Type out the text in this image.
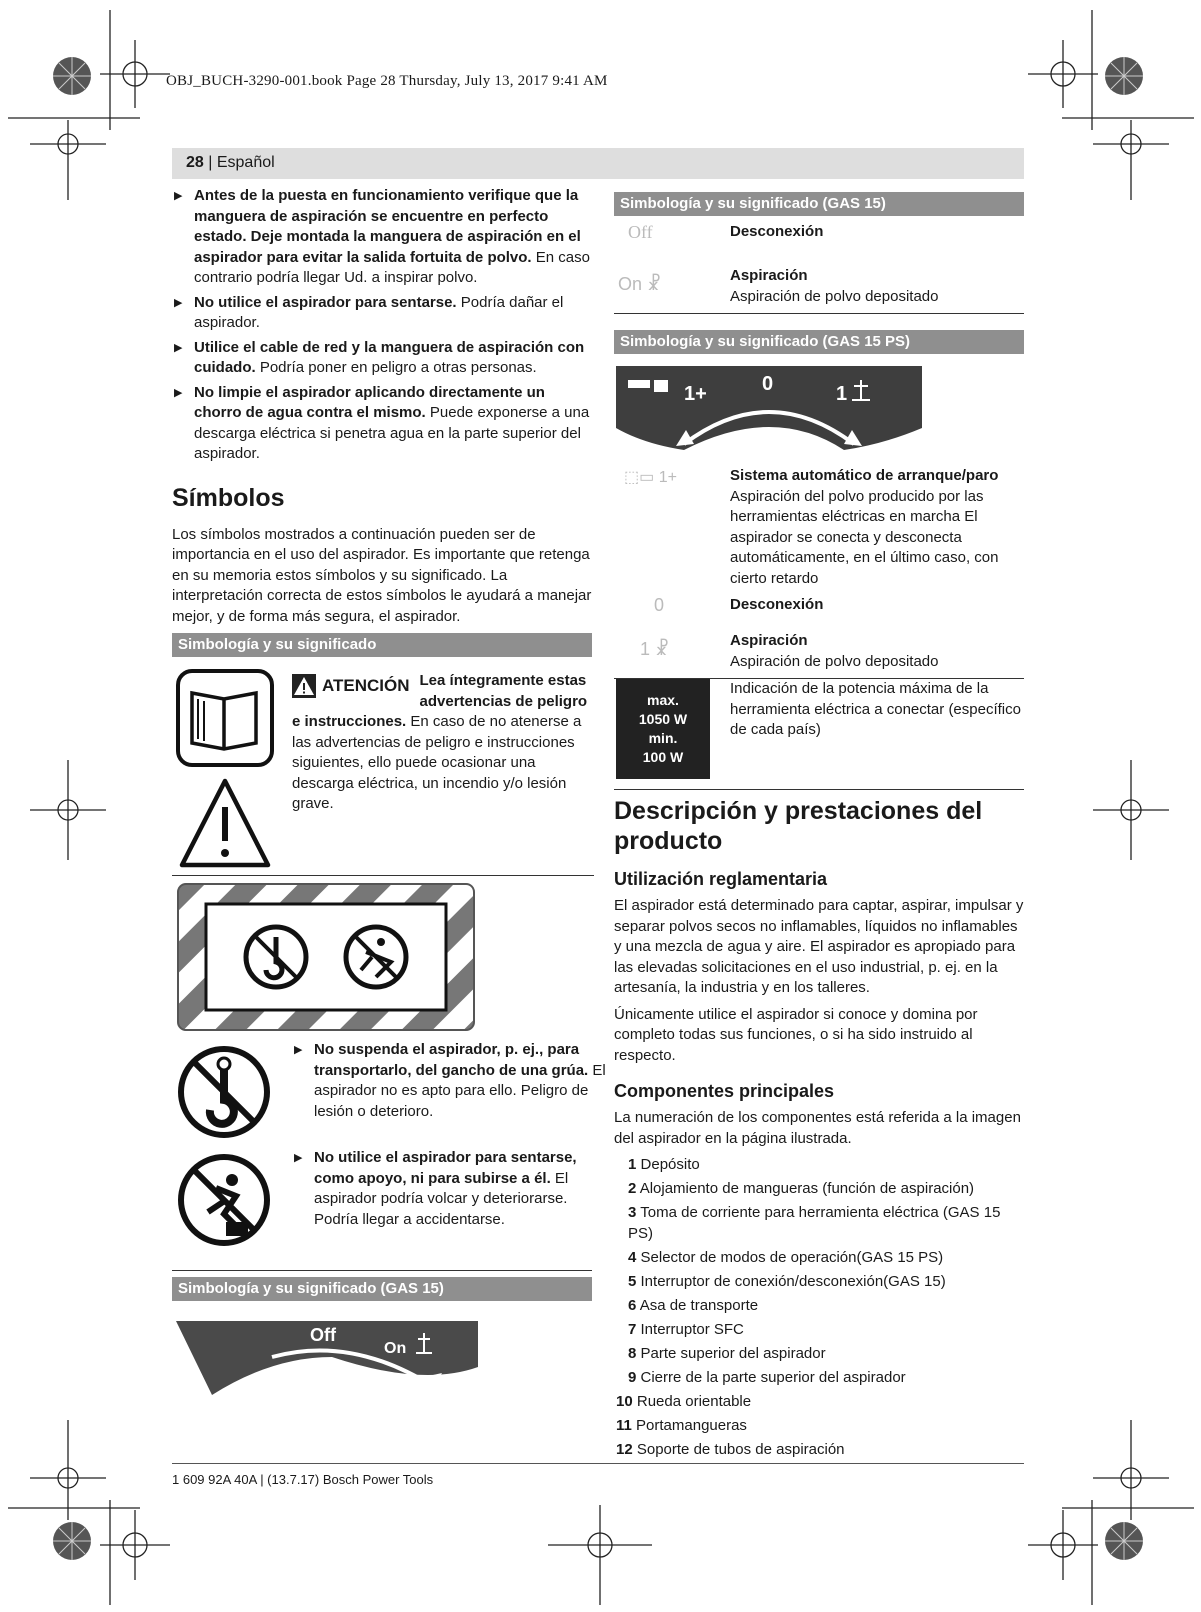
OBJ_BUCH-3290-001.book Page 28 Thursday, July 13, 2017 9:41 AM
28 | Español
▶ Antes de la puesta en funcionamiento verifique que la manguera de aspiración se encuentre en perfecto estado. Deje montada la manguera de aspiración en el aspirador para evitar la salida fortuita de polvo. En caso contrario podría llegar Ud. a inspirar polvo.
▶ No utilice el aspirador para sentarse. Podría dañar el aspirador.
▶ Utilice el cable de red y la manguera de aspiración con cuidado. Podría poner en peligro a otras personas.
▶ No limpie el aspirador aplicando directamente un chorro de agua contra el mismo. Puede exponerse a una descarga eléctrica si penetra agua en la parte superior del aspirador.
Símbolos

Los símbolos mostrados a continuación pueden ser de importancia en el uso del aspirador. Es importante que retenga en su memoria estos símbolos y su significado. La interpretación correcta de estos símbolos le ayudará a manejar mejor, y de forma más segura, el aspirador.

Simbología y su significado
ATENCIÓN Lea íntegramente estas advertencias de peligro e instrucciones. En caso de no atenerse a las advertencias de peligro e instrucciones siguientes, ello puede ocasionar una descarga eléctrica, un incendio y/o lesión grave.
▶ No suspenda el aspirador, p. ej., para transportarlo, del gancho de una grúa. El aspirador no es apto para ello. Peligro de lesión o deterioro.
▶ No utilice el aspirador para sentarse, como apoyo, ni para subirse a él. El aspirador podría volcar y deteriorarse. Podría llegar a accidentarse.
Simbología y su significado (GAS 15)
Off
On
Simbología y su significado (GAS 15)
Off	Desconexión
On ☧	Aspiración
Aspiración de polvo depositado
Simbología y su significado (GAS 15 PS)
1+	0	1
⬚▭ 1+	Sistema automático de arranque/paro
Aspiración del polvo producido por las herramientas eléctricas en marcha El aspirador se conecta y desconecta automáticamente, en el último caso, con cierto retardo
0	Desconexión
1 ☧	Aspiración
Aspiración de polvo depositado
max.
1050 W
min.
100 W
Indicación de la potencia máxima de la herramienta eléctrica a conectar (específico de cada país)
Descripción y prestaciones del producto
Utilización reglamentaria

El aspirador está determinado para captar, aspirar, impulsar y separar polvos secos no inflamables, líquidos no inflamables y una mezcla de agua y aire. El aspirador es apropiado para las elevadas solicitaciones en el uso industrial, p. ej. en la artesanía, la industria y en los talleres.

Únicamente utilice el aspirador si conoce y domina por completo todas sus funciones, o si ha sido instruido al respecto.

Componentes principales

La numeración de los componentes está referida a la imagen del aspirador en la página ilustrada.

1 Depósito
2 Alojamiento de mangueras (función de aspiración)
3 Toma de corriente para herramienta eléctrica (GAS 15 PS)
4 Selector de modos de operación(GAS 15 PS)
5 Interruptor de conexión/desconexión(GAS 15)
6 Asa de transporte
7 Interruptor SFC
8 Parte superior del aspirador
9 Cierre de la parte superior del aspirador
10 Rueda orientable
11 Portamangueras
12 Soporte de tubos de aspiración
1 609 92A 40A | (13.7.17) Bosch Power Tools
